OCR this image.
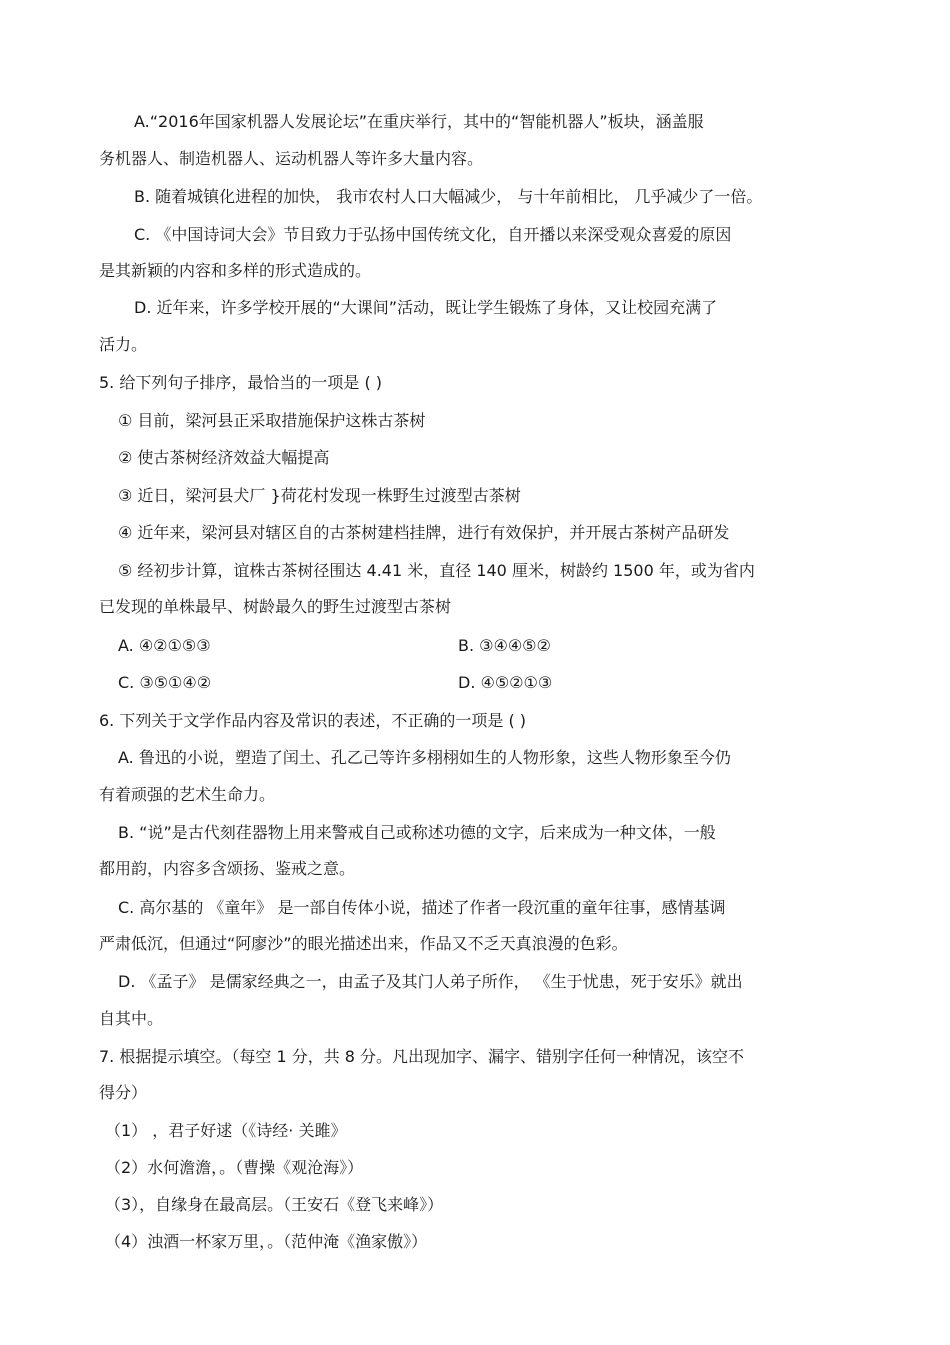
A.“2016年国家机器人发展论坛”在重庆举行，其中的“智能机器人”板块，涵盖服
务机器人、制造机器人、运动机器人等许多大量内容。
B. 随着城镇化进程的加快， 我市农村人口大幅减少， 与十年前相比， 几乎减少了一倍。
C. 《中国诗词大会》节目致力于弘扬中国传统文化，自开播以来深受观众喜爱的原因
是其新颖的内容和多样的形式造成的。
D. 近年来，许多学校开展的“大课间”活动，既让学生锻炼了身体，又让校园充满了
活力。
5. 给下列句子排序，最恰当的一项是 ( )
① 目前，梁河县正采取措施保护这株古茶树
② 使古茶树经济效益大幅提高
③ 近日，梁河县犬厂 }荷花村发现一株野生过渡型古茶树
④ 近年来，梁河县对辖区自的古茶树建档挂牌，进行有效保护，并开展古茶树产品研发
⑤ 经初步计算，谊株古茶树径围达 4.41 米，直径 140 厘米，树龄约 1500 年，或为省内
已发现的单株最早、树龄最久的野生过渡型古茶树
A. ④②①⑤③	B. ③④④⑤②
C. ③⑤①④②	D. ④⑤②①③
6. 下列关于文学作品内容及常识的表述，不正确的一项是 ( )
A. 鲁迅的小说，塑造了闰土、孔乙己等许多栩栩如生的人物形象，这些人物形象至今仍
有着顽强的艺术生命力。
B. “说”是古代刻荏器物上用来警戒自己或称述功德的文字，后来成为一种文体，一般
都用韵，内容多含颂扬、鉴戒之意。
C. 高尔基的 《童年》 是一部自传体小说，描述了作者一段沉重的童年往事，感情基调
严肃低沉，但通过“阿廖沙”的眼光描述出来，作品又不乏天真浪漫的色彩。
D. 《孟子》 是儒家经典之一，由孟子及其门人弟子所作， 《生于忧患，死于安乐》就出
自其中。
7. 根据提示填空。（每空 1 分，共 8 分。凡出现加字、漏字、错别字任何一种情况，该空不
得分）
（1） ，君子好逑（《诗经· 关雎》
（2）水何澹澹，。（曹操《观沧海》）
（3），自缘身在最高层。（王安石《登飞来峰》）
（4）浊酒一杯家万里，。（范仲淹《渔家傲》）
